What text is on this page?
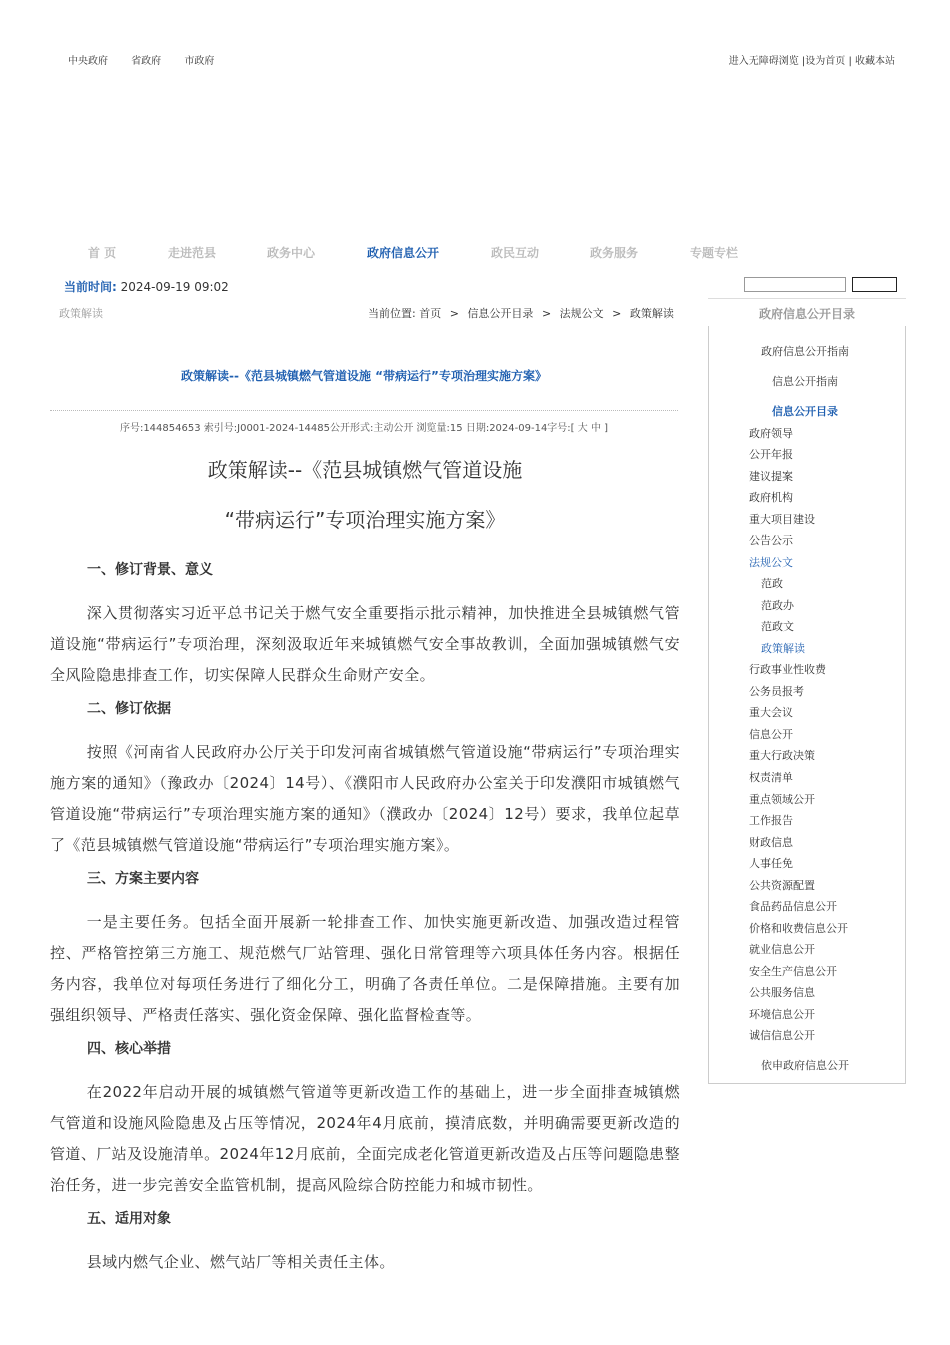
中央政府 省政府 市政府	进入无障碍浏览 |设为首页 | 收藏本站
首 页	走进范县	政务中心	政府信息公开	政民互动	政务服务	专题专栏
当前时间: 2024-09-19 09:02
政策解读	当前位置: 首页 > 信息公开目录 > 法规公文 > 政策解读
政策解读--《范县城镇燃气管道设施 “带病运行”专项治理实施方案》
序号:144854653 索引号:J0001-2024-14485公开形式:主动公开 浏览量:15 日期:2024-09-14字号:[ 大 中 ]
政策解读--《范县城镇燃气管道设施
“带病运行”专项治理实施方案》
一、修订背景、意义

深入贯彻落实习近平总书记关于燃气安全重要指示批示精神，加快推进全县城镇燃气管道设施“带病运行”专项治理，深刻汲取近年来城镇燃气安全事故教训，全面加强城镇燃气安全风险隐患排查工作，切实保障人民群众生命财产安全。

二、修订依据

按照《河南省人民政府办公厅关于印发河南省城镇燃气管道设施“带病运行”专项治理实施方案的通知》（豫政办〔2024〕14号）、《濮阳市人民政府办公室关于印发濮阳市城镇燃气管道设施“带病运行”专项治理实施方案的通知》（濮政办〔2024〕12号）要求，我单位起草了《范县城镇燃气管道设施“带病运行”专项治理实施方案》。

三、方案主要内容

一是主要任务。包括全面开展新一轮排查工作、加快实施更新改造、加强改造过程管控、严格管控第三方施工、规范燃气厂站管理、强化日常管理等六项具体任务内容。根据任务内容，我单位对每项任务进行了细化分工，明确了各责任单位。二是保障措施。主要有加强组织领导、严格责任落实、强化资金保障、强化监督检查等。

四、核心举措

在2022年启动开展的城镇燃气管道等更新改造工作的基础上，进一步全面排查城镇燃气管道和设施风险隐患及占压等情况，2024年4月底前，摸清底数，并明确需要更新改造的管道、厂站及设施清单。2024年12月底前，全面完成老化管道更新改造及占压等问题隐患整治任务，进一步完善安全监管机制，提高风险综合防控能力和城市韧性。

五、适用对象

县域内燃气企业、燃气站厂等相关责任主体。

政府信息公开目录
政府信息公开指南
信息公开指南
信息公开目录
政府领导
公开年报
建议提案
政府机构
重大项目建设
公告公示
法规公文
范政
范政办
范政文
政策解读
行政事业性收费
公务员报考
重大会议
信息公开
重大行政决策
权责清单
重点领域公开
工作报告
财政信息
人事任免
公共资源配置
食品药品信息公开
价格和收费信息公开
就业信息公开
安全生产信息公开
公共服务信息
环境信息公开
诚信信息公开
依申政府信息公开
